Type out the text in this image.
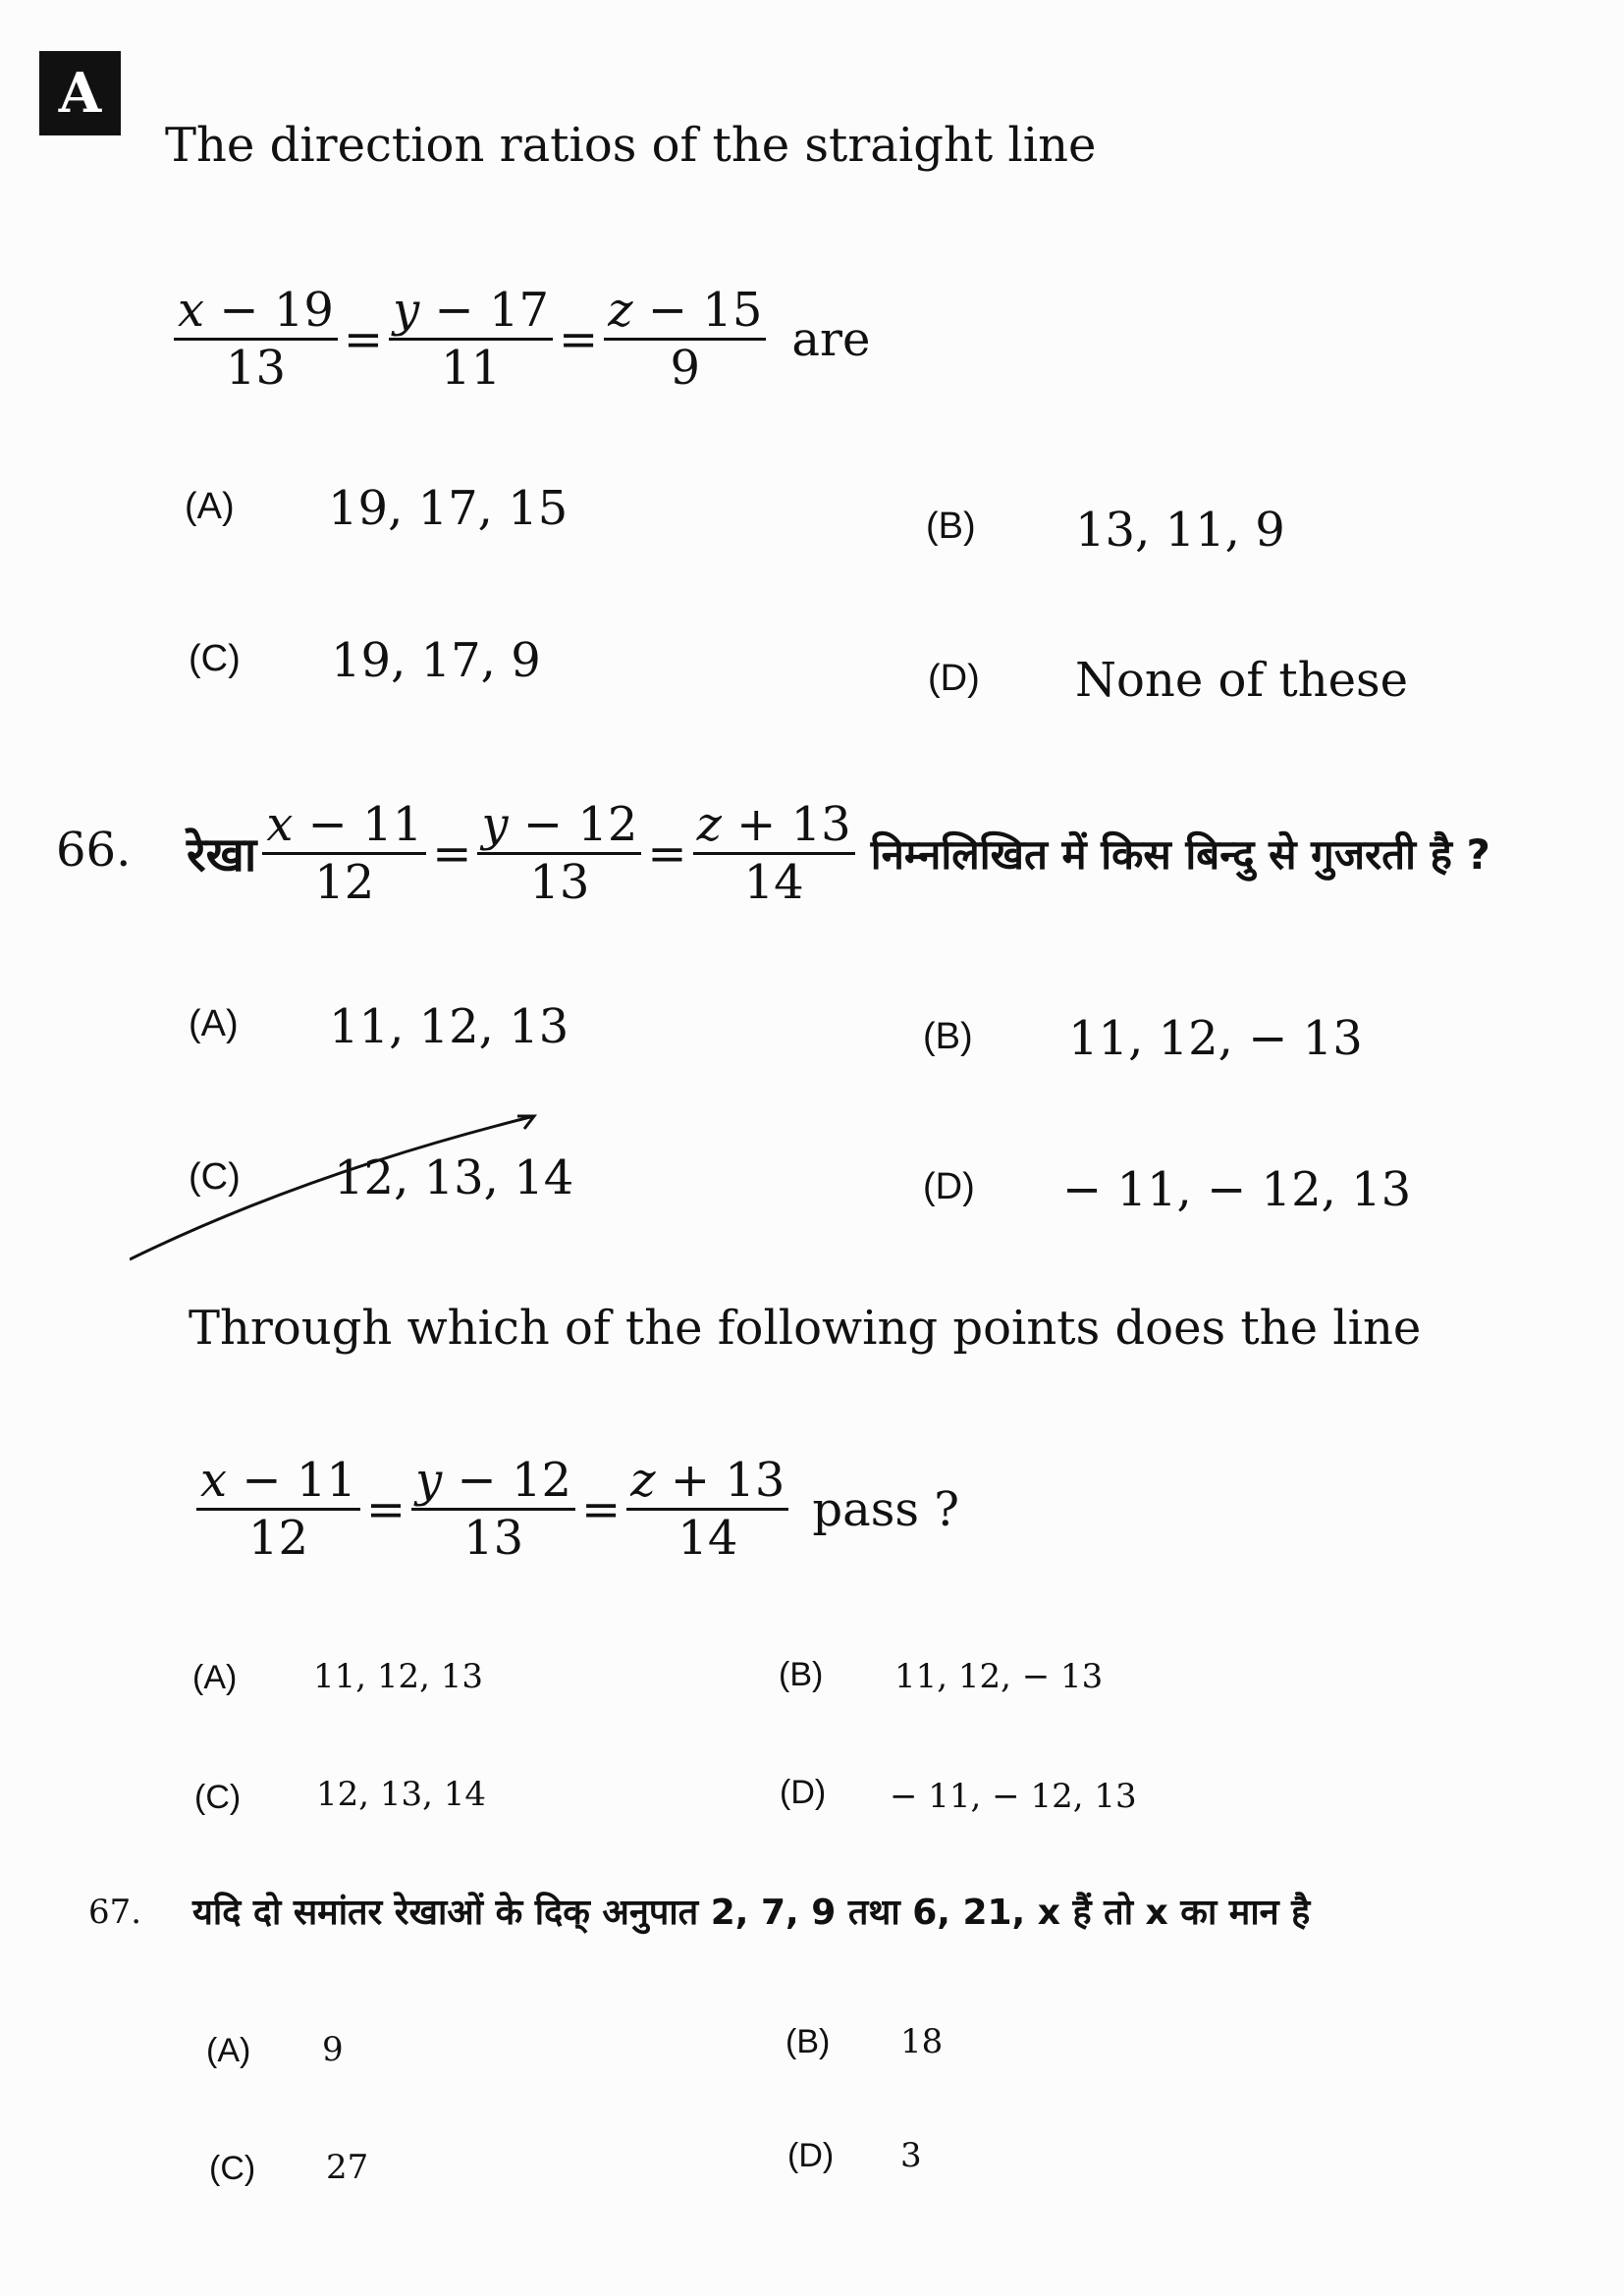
A
The direction ratios of the straight line
$\frac{x - 19}{13} = \frac{y - 17}{11} = \frac{z - 15}{9}$ are
(A) 19, 17, 15	(B) 13, 11, 9
(C) 19, 17, 9	(D) None of these
66. रेखा $\frac{x - 11}{12} = \frac{y - 12}{13} = \frac{z + 13}{14}$ निम्नलिखित में किस बिन्दु से गुजरती है ?
(A) 11, 12, 13	(B) 11, 12, − 13
(C) 12, 13, 14	(D) − 11, − 12, 13
Through which of the following points does the line
$\frac{x - 11}{12} = \frac{y - 12}{13} = \frac{z + 13}{14}$ pass ?
(A) 11, 12, 13	(B) 11, 12, − 13
(C) 12, 13, 14	(D) − 11, − 12, 13
67. यदि दो समांतर रेखाओं के दिक् अनुपात 2, 7, 9 तथा 6, 21, x हैं तो x का मान है
(A) 9	(B) 18
(C) 27	(D) 3
